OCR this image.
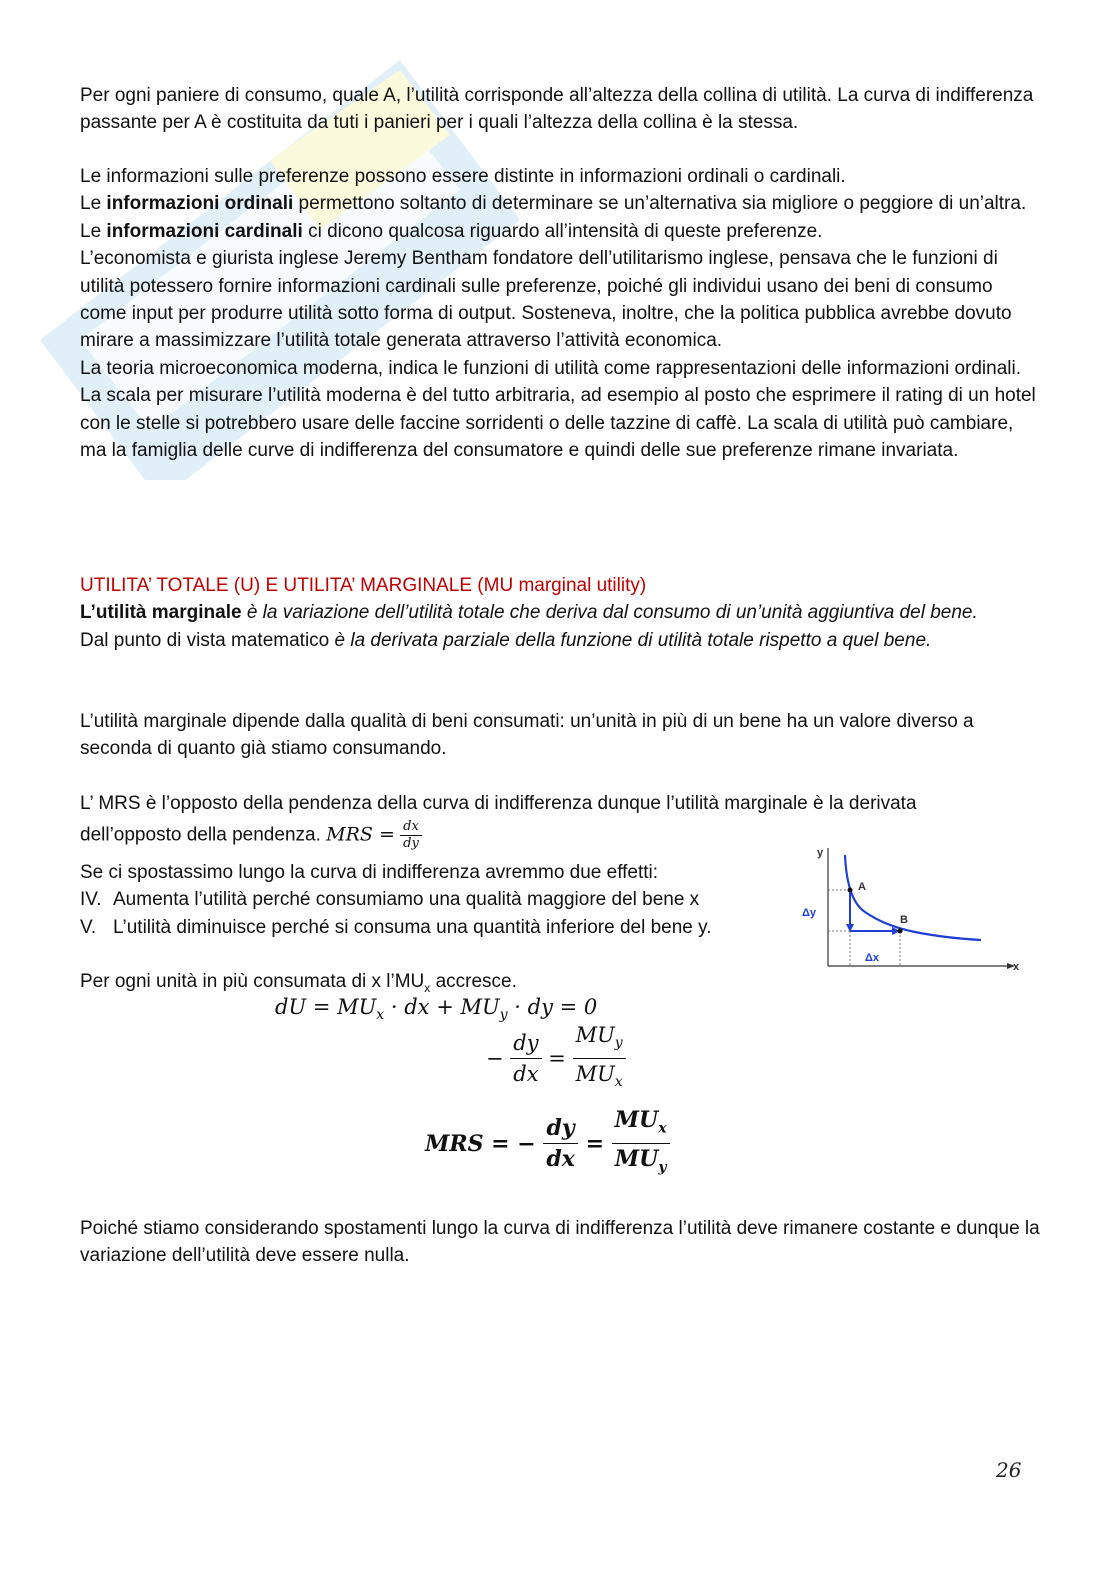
Per ogni paniere di consumo, quale A, l’utilità corrisponde all’altezza della collina di utilità. La curva di indifferenza passante per A è costituita da tuti i panieri per i quali l’altezza della collina è la stessa.

Le informazioni sulle preferenze possono essere distinte in informazioni ordinali o cardinali.

Le informazioni ordinali permettono soltanto di determinare se un’alternativa sia migliore o peggiore di un’altra.

Le informazioni cardinali ci dicono qualcosa riguardo all’intensità di queste preferenze.

L’economista e giurista inglese Jeremy Bentham fondatore dell’utilitarismo inglese, pensava che le funzioni di utilità potessero fornire informazioni cardinali sulle preferenze, poiché gli individui usano dei beni di consumo come input per produrre utilità sotto forma di output. Sosteneva, inoltre, che la politica pubblica avrebbe dovuto mirare a massimizzare l’utilità totale generata attraverso l’attività economica.

La teoria microeconomica moderna, indica le funzioni di utilità come rappresentazioni delle informazioni ordinali.

La scala per misurare l’utilità moderna è del tutto arbitraria, ad esempio al posto che esprimere il rating di un hotel con le stelle si potrebbero usare delle faccine sorridenti o delle tazzine di caffè. La scala di utilità può cambiare, ma la famiglia delle curve di indifferenza del consumatore e quindi delle sue preferenze rimane invariata.

UTILITA’ TOTALE (U) E UTILITA’ MARGINALE (MU marginal utility)

L’utilità marginale è la variazione dell’utilità totale che deriva dal consumo di un’unità aggiuntiva del bene.

Dal punto di vista matematico è la derivata parziale della funzione di utilità totale rispetto a quel bene.

L’utilità marginale dipende dalla qualità di beni consumati: un’unità in più di un bene ha un valore diverso a seconda di quanto già stiamo consumando.

L’ MRS è l’opposto della pendenza della curva di indifferenza dunque l’utilità marginale è la derivata

dell’opposto della pendenza. MRS = $\frac{dx}{dy}$

Se ci spostassimo lungo la curva di indifferenza avremmo due effetti:

IV. Aumenta l’utilità perché consumiamo una qualità maggiore del bene x
V. L’utilità diminuisce perché si consuma una quantità inferiore del bene y.
y
x
A
B
Δy
Δx

Per ogni unità in più consumata di x $l’MU_x$ accresce.

dU = $MU_x$ · dx + $MU_y$ · dy = 0
− $\frac{dy}{dx} = \frac{MU_y}{MU_x}$
MRS = − $\frac{dy}{dx} = \frac{MU_x}{MU_y}$

Poiché stiamo considerando spostamenti lungo la curva di indifferenza l’utilità deve rimanere costante e dunque la variazione dell’utilità deve essere nulla.

26
